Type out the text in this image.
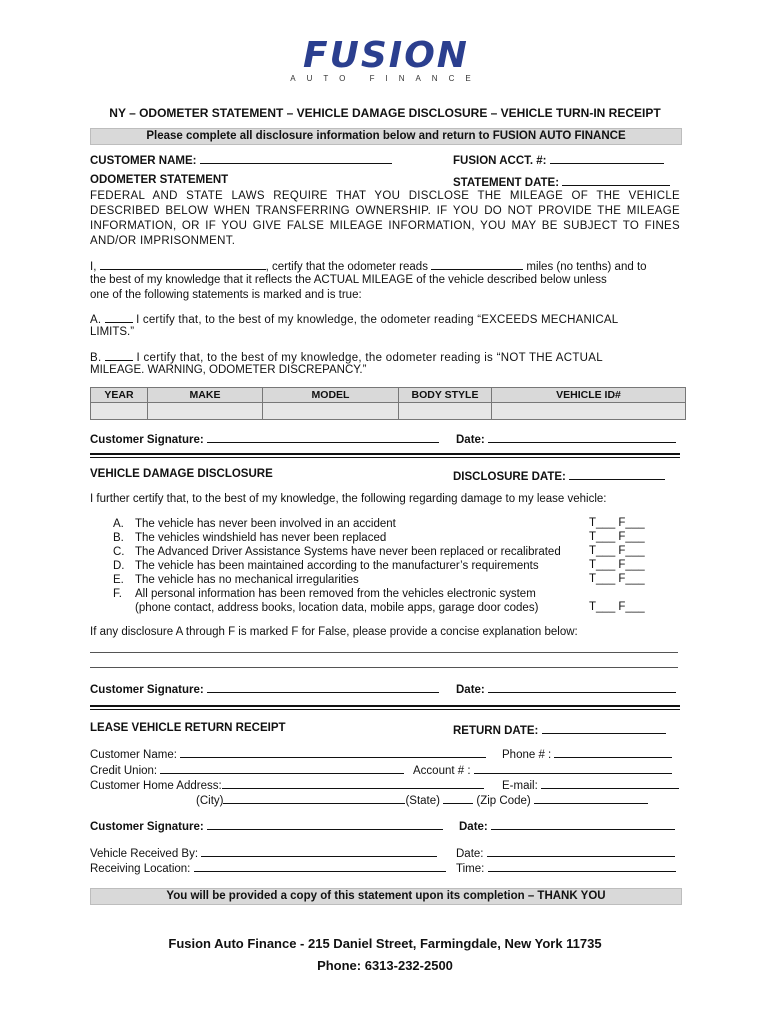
FUSION
AUTO FINANCE
NY – ODOMETER STATEMENT – VEHICLE DAMAGE DISCLOSURE – VEHICLE TURN-IN RECEIPT
Please complete all disclosure information below and return to FUSION AUTO FINANCE
CUSTOMER NAME:	FUSION ACCT. #:
ODOMETER STATEMENT	STATEMENT DATE:
FEDERAL AND STATE LAWS REQUIRE THAT YOU DISCLOSE THE MILEAGE OF THE VEHICLE DESCRIBED BELOW WHEN TRANSFERRING OWNERSHIP. IF YOU DO NOT PROVIDE THE MILEAGE INFORMATION, OR IF YOU GIVE FALSE MILEAGE INFORMATION, YOU MAY BE SUBJECT TO FINES AND/OR IMPRISONMENT.
I,	, certify that the odometer reads	miles (no tenths) and to
the best of my knowledge that it reflects the ACTUAL MILEAGE of the vehicle described below unless
one of the following statements is marked and is true:
A.	I certify that, to the best of my knowledge, the odometer reading “EXCEEDS MECHANICAL
LIMITS.”
B.	I certify that, to the best of my knowledge, the odometer reading is “NOT THE ACTUAL
MILEAGE. WARNING, ODOMETER DISCREPANCY.”
YEAR	MAKE	MODEL	BODY STYLE	VEHICLE ID#

Customer Signature:	Date:
VEHICLE DAMAGE DISCLOSURE	DISCLOSURE DATE:
I further certify that, to the best of my knowledge, the following regarding damage to my lease vehicle:
A. The vehicle has never been involved in an accident	T___ F___
B. The vehicles windshield has never been replaced	T___ F___
C. The Advanced Driver Assistance Systems have never been replaced or recalibrated T___ F___
D. The vehicle has been maintained according to the manufacturer’s requirements	T___ F___
E. The vehicle has no mechanical irregularities	T___ F___
F. All personal information has been removed from the vehicles electronic system
(phone contact, address books, location data, mobile apps, garage door codes)	T___ F___
If any disclosure A through F is marked F for False, please provide a concise explanation below:
Customer Signature:	Date:
LEASE VEHICLE RETURN RECEIPT	RETURN DATE:
Customer Name:	Phone # :
Credit Union:	Account # :
Customer Home Address:	E-mail:
(City)	(State)	(Zip Code)
Customer Signature:	Date:
Vehicle Received By:	Date:
Receiving Location:	Time:
You will be provided a copy of this statement upon its completion – THANK YOU
Fusion Auto Finance - 215 Daniel Street, Farmingdale, New York 11735
Phone: 6313-232-2500
